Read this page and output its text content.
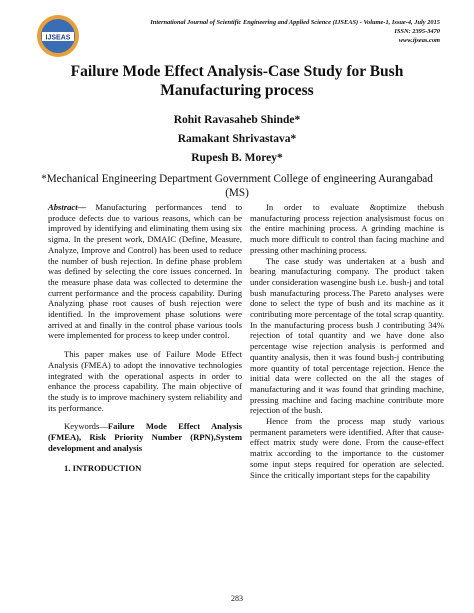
IJSEAS
International Journal of Scientific Engineering and Applied Science (IJSEAS) - Volume-1, Issue-4, July 2015
ISSN: 2395-3470
www.ijseas.com
Failure Mode Effect Analysis-Case Study for Bush Manufacturing process
Rohit Ravasaheb Shinde*
Ramakant Shrivastava*
Rupesh B. Morey*
*Mechanical Engineering Department Government College of engineering Aurangabad (MS)

Abstract— Manufacturing performances tend to produce defects due to various reasons, which can be improved by identifying and eliminating them using six sigma. In the present work, DMAIC (Define, Measure, Analyze, Improve and Control) has been used to reduce the number of bush rejection. In define phase problem was defined by selecting the core issues concerned. In the measure phase data was collected to determine the current performance and the process capability. During Analyzing phase root causes of bush rejection were identified. In the improvement phase solutions were arrived at and finally in the control phase various tools were implemented for process to keep under control.

This paper makes use of Failure Mode Effect Analysis (FMEA) to adopt the innovative technologies integrated with the operational aspects in order to enhance the process capability. The main objective of the study is to improve machinery system reliability and its performance.

Keywords—Failure Mode Effect Analysis (FMEA), Risk Priority Number (RPN),System development and analysis

1. INTRODUCTION

In order to evaluate &optimize thebush manufacturing process rejection analysismust focus on the entire machining process. A grinding machine is much more difficult to control than facing machine and pressing other machining process.

The case study was undertaken at a bush and bearing manufacturing company. The product taken under consideration wasengine bush i.e. bush-j and total bush manufacturing process.The Pareto analyses were done to select the type of bush and its machine as it contributing more percentage of the total scrap quantity. In the manufacturing process bush J contributing 34% rejection of total quantity and we have done also percentage wise rejection analysis is performed and quantity analysis, then it was found bush-j contributing more quantity of total percentage rejection. Hence the initial data were collected on the all the stages of manufacturing and it was found that grinding machine, pressing machine and facing machine contribute more rejection of the bush.

Hence from the process map study various permanent parameters were identified. After that cause-effect matrix study were done. From the cause-effect matrix according to the importance to the customer some input steps required for operation are selected. Since the critically important steps for the capability

283
